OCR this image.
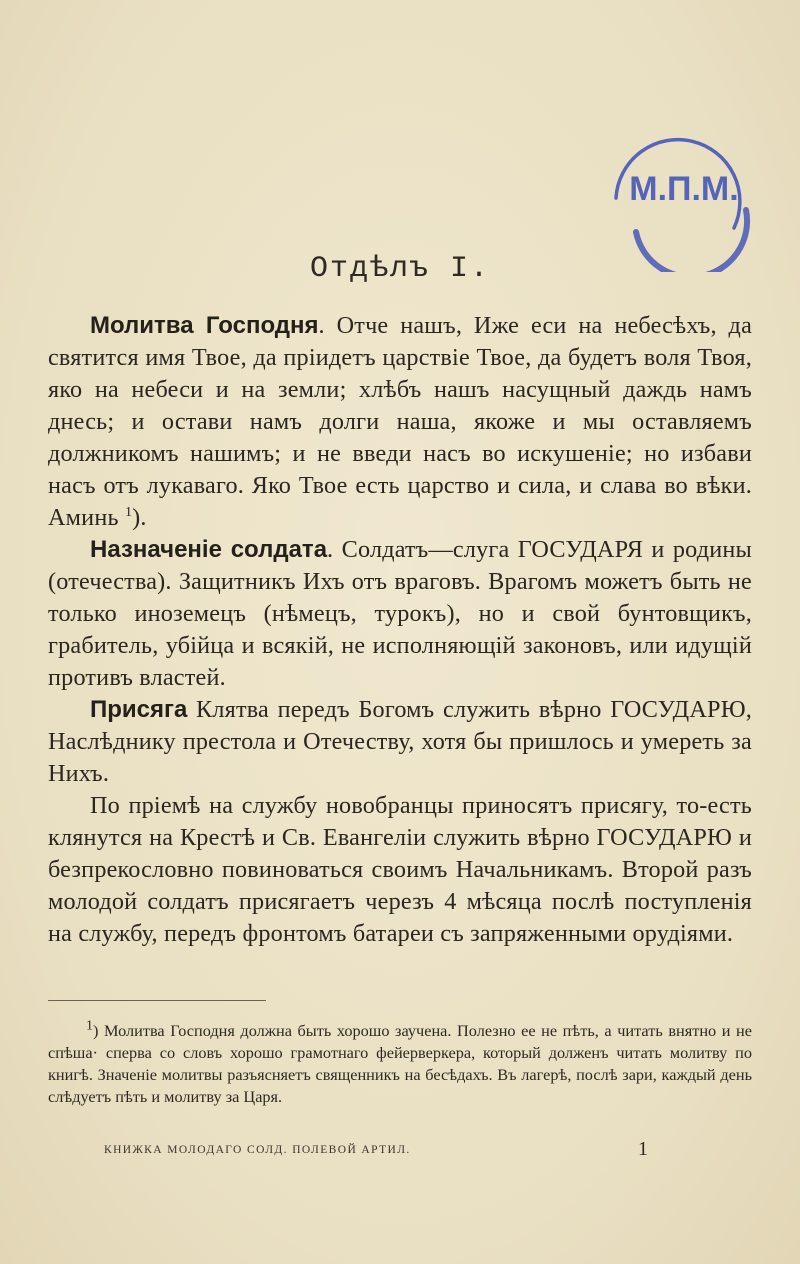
М.П.М.
Отдѣлъ I.

Молитва Господня. Отче нашъ, Иже еси на небесѣхъ, да святится имя Твое, да пріидетъ царствіе Твое, да будетъ воля Твоя, яко на небеси и на земли; хлѣбъ нашъ насущный даждь намъ днесь; и остави намъ долги наша, якоже и мы оставляемъ должникомъ нашимъ; и не введи насъ во искушеніе; но избави насъ отъ лукаваго. Яко Твое есть царство и сила, и слава во вѣки. Аминь $^1$).

Назначеніе солдата. Солдатъ—слуга ГОСУДАРЯ и родины (отечества). Защитникъ Ихъ отъ враговъ. Врагомъ можетъ быть не только иноземецъ (нѣмецъ, турокъ), но и свой бунтовщикъ, грабитель, убійца и всякій, не исполняющій законовъ, или идущій противъ властей.

Присяга Клятва передъ Богомъ служить вѣрно ГОСУДАРЮ, Наслѣднику престола и Отечеству, хотя бы пришлось и умереть за Нихъ.

По пріемѣ на службу новобранцы приносятъ присягу, то-есть клянутся на Крестѣ и Св. Евангеліи служить вѣрно ГОСУДАРЮ и безпрекословно повиноваться своимъ Начальникамъ. Второй разъ молодой солдатъ присягаетъ черезъ 4 мѣсяца послѣ поступленія на службу, передъ фронтомъ батареи съ запряженными орудіями.

$^1$) Молитва Господня должна быть хорошо заучена. Полезно ее не пѣть, а читать внятно и не спѣша· сперва со словъ хорошо грамотнаго фейерверкера, который долженъ читать молитву по книгѣ. Значеніе молитвы разъясняетъ священникъ на бесѣдахъ. Въ лагерѣ, послѣ зари, каждый день слѣдуетъ пѣть и молитву за Царя.

КНИЖКА МОЛОДАГО СОЛД. ПОЛЕВОЙ АРТИЛ.	1
